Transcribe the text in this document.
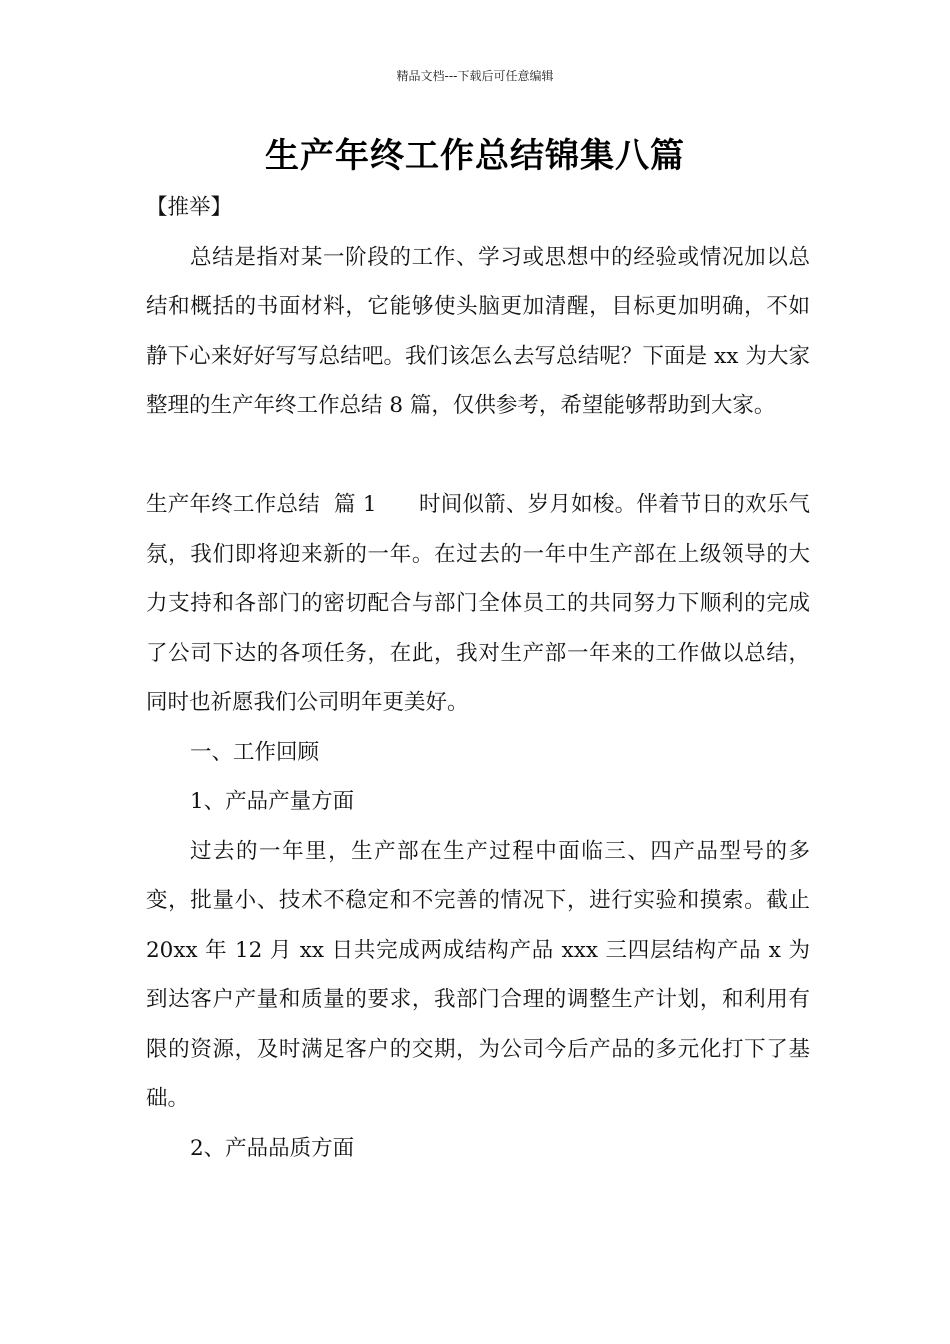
精品文档---下载后可任意编辑
生产年终工作总结锦集八篇

【推举】

总结是指对某一阶段的工作、学习或思想中的经验或情况加以总结和概括的书面材料，它能够使头脑更加清醒，目标更加明确，不如静下心来好好写写总结吧。我们该怎么去写总结呢？下面是 xx 为大家整理的生产年终工作总结 8 篇，仅供参考，希望能够帮助到大家。

生产年终工作总结  篇 1 时间似箭、岁月如梭。伴着节日的欢乐气氛，我们即将迎来新的一年。在过去的一年中生产部在上级领导的大力支持和各部门的密切配合与部门全体员工的共同努力下顺利的完成了公司下达的各项任务，在此，我对生产部一年来的工作做以总结，同时也祈愿我们公司明年更美好。

一、工作回顾

1、产品产量方面

过去的一年里，生产部在生产过程中面临三、四产品型号的多变，批量小、技术不稳定和不完善的情况下，进行实验和摸索。截止 20xx 年 12 月 xx 日共完成两成结构产品 xxx 三四层结构产品 x 为到达客户产量和质量的要求，我部门合理的调整生产计划，和利用有限的资源，及时满足客户的交期，为公司今后产品的多元化打下了基础。

2、产品品质方面
